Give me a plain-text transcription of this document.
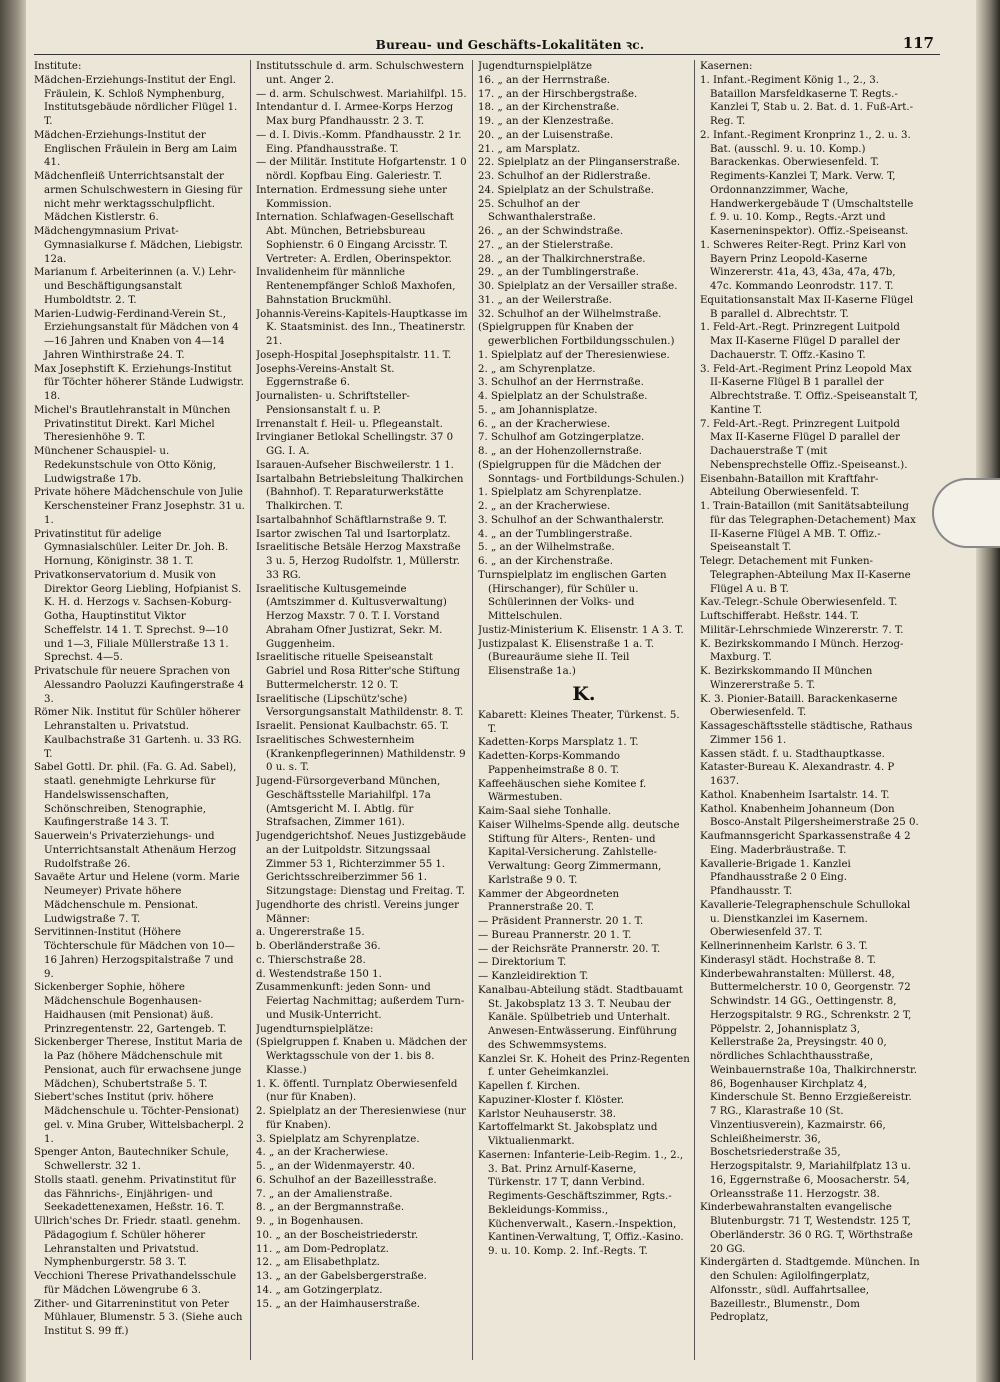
Bureau- und Geschäfts-Lokalitäten ꝛc.	117
Institute:
Mädchen-Erziehungs-Institut der Engl. Fräulein, K. Schloß Nymphenburg, Institutsgebäude nördlicher Flügel 1. T.
Mädchen-Erziehungs-Institut der Englischen Fräulein in Berg am Laim 41.
Mädchenfleiß Unterrichtsanstalt der armen Schulschwestern in Giesing für nicht mehr werktagsschulpflicht. Mädchen Kistlerstr. 6.
Mädchengymnasium Privat-Gymnasialkurse f. Mädchen, Liebigstr. 12a.
Marianum f. Arbeiterinnen (a. V.) Lehr- und Beschäftigungsanstalt Humboldtstr. 2. T.
Marien-Ludwig-Ferdinand-Verein St., Erziehungsanstalt für Mädchen von 4—16 Jahren und Knaben von 4—14 Jahren Winthirstraße 24. T.
Max Josephstift K. Erziehungs-Institut für Töchter höherer Stände Ludwigstr. 18.
Michel's Brautlehranstalt in München Privatinstitut Direkt. Karl Michel Theresienhöhe 9. T.
Münchener Schauspiel- u. Redekunstschule von Otto König, Ludwigstraße 17b.
Private höhere Mädchenschule von Julie Kerschensteiner Franz Josephstr. 31 u. 1.
Privatinstitut für adelige Gymnasialschüler. Leiter Dr. Joh. B. Hornung, Königinstr. 38 1. T.
Privatkonservatorium d. Musik von Direktor Georg Liebling, Hofpianist S. K. H. d. Herzogs v. Sachsen-Koburg-Gotha, Hauptinstitut Viktor Scheffelstr. 14 1. T. Sprechst. 9—10 und 1—3, Filiale Müllerstraße 13 1. Sprechst. 4—5.
Privatschule für neuere Sprachen von Alessandro Paoluzzi Kaufingerstraße 4 3.
Römer Nik. Institut für Schüler höherer Lehranstalten u. Privatstud. Kaulbachstraße 31 Gartenh. u. 33 RG. T.
Sabel Gottl. Dr. phil. (Fa. G. Ad. Sabel), staatl. genehmigte Lehrkurse für Handelswissenschaften, Schönschreiben, Stenographie, Kaufingerstraße 14 3. T.
Sauerwein's Privaterziehungs- und Unterrichtsanstalt Athenäum Herzog Rudolfstraße 26.
Savaëte Artur und Helene (vorm. Marie Neumeyer) Private höhere Mädchenschule m. Pensionat. Ludwigstraße 7. T.
Servitinnen-Institut (Höhere Töchterschule für Mädchen von 10—16 Jahren) Herzogspitalstraße 7 und 9.
Sickenberger Sophie, höhere Mädchenschule Bogenhausen-Haidhausen (mit Pensionat) äuß. Prinzregentenstr. 22, Gartengeb. T.
Sickenberger Therese, Institut Maria de la Paz (höhere Mädchenschule mit Pensionat, auch für erwachsene junge Mädchen), Schubertstraße 5. T.
Siebert'sches Institut (priv. höhere Mädchenschule u. Töchter-Pensionat) gel. v. Mina Gruber, Wittelsbacherpl. 2 1.
Spenger Anton, Bautechniker Schule, Schwellerstr. 32 1.
Stolls staatl. genehm. Privatinstitut für das Fähnrichs-, Einjährigen- und Seekadettenexamen, Heßstr. 16. T.
Ullrich'sches Dr. Friedr. staatl. genehm. Pädagogium f. Schüler höherer Lehranstalten und Privatstud. Nymphenburgerstr. 58 3. T.
Vecchioni Therese Privathandelsschule für Mädchen Löwengrube 6 3.
Zither- und Gitarreninstitut von Peter Mühlauer, Blumenstr. 5 3. (Siehe auch Institut S. 99 ff.)
Institutsschule d. arm. Schulschwestern unt. Anger 2.
— d. arm. Schulschwest. Mariahilfpl. 15.
Intendantur d. I. Armee-Korps Herzog Max burg Pfandhausstr. 2 3. T.
— d. I. Divis.-Komm. Pfandhausstr. 2 1r. Eing. Pfandhausstraße. T.
— der Militär. Institute Hofgartenstr. 1 0 nördl. Kopfbau Eing. Galeriestr. T.
Internation. Erdmessung siehe unter Kommission.
Internation. Schlafwagen-Gesellschaft Abt. München, Betriebsbureau Sophienstr. 6 0 Eingang Arcisstr. T. Vertreter: A. Erdlen, Oberinspektor.
Invalidenheim für männliche Rentenempfänger Schloß Maxhofen, Bahnstation Bruckmühl.
Johannis-Vereins-Kapitels-Hauptkasse im K. Staatsminist. des Inn., Theatinerstr. 21.
Joseph-Hospital Josephspitalstr. 11. T.
Josephs-Vereins-Anstalt St. Eggernstraße 6.
Journalisten- u. Schriftsteller-Pensionsanstalt f. u. P.
Irrenanstalt f. Heil- u. Pflegeanstalt.
Irvingianer Betlokal Schellingstr. 37 0 GG. I. A.
Isarauen-Aufseher Bischweilerstr. 1 1.
Isartalbahn Betriebsleitung Thalkirchen (Bahnhof). T. Reparaturwerkstätte Thalkirchen. T.
Isartalbahnhof Schäftlarnstraße 9. T.
Isartor zwischen Tal und Isartorplatz.
Israelitische Betsäle Herzog Maxstraße 3 u. 5, Herzog Rudolfstr. 1, Müllerstr. 33 RG.
Israelitische Kultusgemeinde (Amtszimmer d. Kultusverwaltung) Herzog Maxstr. 7 0. T. I. Vorstand Abraham Ofner Justizrat, Sekr. M. Guggenheim.
Israelitische rituelle Speiseanstalt Gabriel und Rosa Ritter'sche Stiftung Buttermelcherstr. 12 0. T.
Israelitische (Lipschütz'sche) Versorgungsanstalt Mathildenstr. 8. T.
Israelit. Pensionat Kaulbachstr. 65. T.
Israelitisches Schwesternheim (Krankenpflegerinnen) Mathildenstr. 9 0 u. s. T.
Jugend-Fürsorgeverband München, Geschäftsstelle Mariahilfpl. 17a (Amtsgericht M. I. Abtlg. für Strafsachen, Zimmer 161).
Jugendgerichtshof. Neues Justizgebäude an der Luitpoldstr. Sitzungssaal Zimmer 53 1, Richterzimmer 55 1. Gerichtsschreiberzimmer 56 1. Sitzungstage: Dienstag und Freitag. T.
Jugendhorte des christl. Vereins junger Männer:
a. Ungererstraße 15.
b. Oberländerstraße 36.
c. Thierschstraße 28.
d. Westendstraße 150 1.
Zusammenkunft: jeden Sonn- und Feiertag Nachmittag; außerdem Turn- und Musik-Unterricht.
Jugendturnspielplätze:
(Spielgruppen f. Knaben u. Mädchen der Werktagsschule von der 1. bis 8. Klasse.)
1. K. öffentl. Turnplatz Oberwiesenfeld (nur für Knaben).
2. Spielplatz an der Theresienwiese (nur für Knaben).
3. Spielplatz am Schyrenplatze.
4. „ an der Kracherwiese.
5. „ an der Widenmayerstr. 40.
6. Schulhof an der Bazeillesstraße.
7. „ an der Amalienstraße.
8. „ an der Bergmannstraße.
9. „ in Bogenhausen.
10. „ an der Boscheistriederstr.
11. „ am Dom-Pedroplatz.
12. „ am Elisabethplatz.
13. „ an der Gabelsbergerstraße.
14. „ am Gotzingerplatz.
15. „ an der Haimhauserstraße.
Jugendturnspielplätze
16. „ an der Herrnstraße.
17. „ an der Hirschbergstraße.
18. „ an der Kirchenstraße.
19. „ an der Klenzestraße.
20. „ an der Luisenstraße.
21. „ am Marsplatz.
22. Spielplatz an der Plinganserstraße.
23. Schulhof an der Ridlerstraße.
24. Spielplatz an der Schulstraße.
25. Schulhof an der Schwanthalerstraße.
26. „ an der Schwindstraße.
27. „ an der Stielerstraße.
28. „ an der Thalkirchnerstraße.
29. „ an der Tumblingerstraße.
30. Spielplatz an der Versailler straße.
31. „ an der Weilerstraße.
32. Schulhof an der Wilhelmstraße.
(Spielgruppen für Knaben der gewerblichen Fortbildungsschulen.)
1. Spielplatz auf der Theresienwiese.
2. „ am Schyrenplatze.
3. Schulhof an der Herrnstraße.
4. Spielplatz an der Schulstraße.
5. „ am Johannisplatze.
6. „ an der Kracherwiese.
7. Schulhof am Gotzingerplatze.
8. „ an der Hohenzollernstraße.
(Spielgruppen für die Mädchen der Sonntags- und Fortbildungs-Schulen.)
1. Spielplatz am Schyrenplatze.
2. „ an der Kracherwiese.
3. Schulhof an der Schwanthalerstr.
4. „ an der Tumblingerstraße.
5. „ an der Wilhelmstraße.
6. „ an der Kirchenstraße.
Turnspielplatz im englischen Garten (Hirschanger), für Schüler u. Schülerinnen der Volks- und Mittelschulen.
Justiz-Ministerium K. Elisenstr. 1 A 3. T.
Justizpalast K. Elisenstraße 1 a. T. (Bureauräume siehe II. Teil Elisenstraße 1a.)
K.
Kabarett: Kleines Theater, Türkenst. 5. T.
Kadetten-Korps Marsplatz 1. T.
Kadetten-Korps-Kommando Pappenheimstraße 8 0. T.
Kaffeehäuschen siehe Komitee f. Wärmestuben.
Kaim-Saal siehe Tonhalle.
Kaiser Wilhelms-Spende allg. deutsche Stiftung für Alters-, Renten- und Kapital-Versicherung. Zahlstelle-Verwaltung: Georg Zimmermann, Karlstraße 9 0. T.
Kammer der Abgeordneten Prannerstraße 20. T.
— Präsident Prannerstr. 20 1. T.
— Bureau Prannerstr. 20 1. T.
— der Reichsräte Prannerstr. 20. T.
— Direktorium T.
— Kanzleidirektion T.
Kanalbau-Abteilung städt. Stadtbauamt St. Jakobsplatz 13 3. T. Neubau der Kanäle. Spülbetrieb und Unterhalt. Anwesen-Entwässerung. Einführung des Schwemmsystems.
Kanzlei Sr. K. Hoheit des Prinz-Regenten f. unter Geheimkanzlei.
Kapellen f. Kirchen.
Kapuziner-Kloster f. Klöster.
Karlstor Neuhauserstr. 38.
Kartoffelmarkt St. Jakobsplatz und Viktualienmarkt.
Kasernen: Infanterie-Leib-Regim. 1., 2., 3. Bat. Prinz Arnulf-Kaserne, Türkenstr. 17 T, dann Verbind. Regiments-Geschäftszimmer, Rgts.-Bekleidungs-Kommiss., Küchenverwalt., Kasern.-Inspektion, Kantinen-Verwaltung, T, Offiz.-Kasino. 9. u. 10. Komp. 2. Inf.-Regts. T.
Kasernen:
1. Infant.-Regiment König 1., 2., 3. Bataillon Marsfeldkaserne T. Regts.-Kanzlei T, Stab u. 2. Bat. d. 1. Fuß-Art.-Reg. T.
2. Infant.-Regiment Kronprinz 1., 2. u. 3. Bat. (ausschl. 9. u. 10. Komp.) Barackenkas. Oberwiesenfeld. T. Regiments-Kanzlei T, Mark. Verw. T, Ordonnanzzimmer, Wache, Handwerkergebäude T (Umschaltstelle f. 9. u. 10. Komp., Regts.-Arzt und Kaserneninspektor). Offiz.-Speiseanst.
1. Schweres Reiter-Regt. Prinz Karl von Bayern Prinz Leopold-Kaserne Winzererstr. 41a, 43, 43a, 47a, 47b, 47c. Kommando Leonrodstr. 117. T.
Equitationsanstalt Max II-Kaserne Flügel B parallel d. Albrechtstr. T.
1. Feld-Art.-Regt. Prinzregent Luitpold Max II-Kaserne Flügel D parallel der Dachauerstr. T. Offz.-Kasino T.
3. Feld-Art.-Regiment Prinz Leopold Max II-Kaserne Flügel B 1 parallel der Albrechtstraße. T. Offiz.-Speiseanstalt T, Kantine T.
7. Feld-Art.-Regt. Prinzregent Luitpold Max II-Kaserne Flügel D parallel der Dachauerstraße T (mit Nebensprechstelle Offiz.-Speiseanst.).
Eisenbahn-Bataillon mit Kraftfahr-Abteilung Oberwiesenfeld. T.
1. Train-Bataillon (mit Sanitätsabteilung für das Telegraphen-Detachement) Max II-Kaserne Flügel A MB. T. Offiz.-Speiseanstalt T.
Telegr. Detachement mit Funken-Telegraphen-Abteilung Max II-Kaserne Flügel A u. B T.
Kav.-Telegr.-Schule Oberwiesenfeld. T.
Luftschifferabt. Heßstr. 144. T.
Militär-Lehrschmiede Winzererstr. 7. T.
K. Bezirkskommando I Münch. Herzog-Maxburg. T.
K. Bezirkskommando II München Winzererstraße 5. T.
K. 3. Pionier-Bataill. Barackenkaserne Oberwiesenfeld. T.
Kassageschäftsstelle städtische, Rathaus Zimmer 156 1.
Kassen städt. f. u. Stadthauptkasse.
Kataster-Bureau K. Alexandrastr. 4. P 1637.
Kathol. Knabenheim Isartalstr. 14. T.
Kathol. Knabenheim Johanneum (Don Bosco-Anstalt Pilgersheimerstraße 25 0.
Kaufmannsgericht Sparkassenstraße 4 2 Eing. Maderbräustraße. T.
Kavallerie-Brigade 1. Kanzlei Pfandhausstraße 2 0 Eing. Pfandhausstr. T.
Kavallerie-Telegraphenschule Schullokal u. Dienstkanzlei im Kasernem. Oberwiesenfeld 37. T.
Kellnerinnenheim Karlstr. 6 3. T.
Kinderasyl städt. Hochstraße 8. T.
Kinderbewahranstalten: Müllerst. 48, Buttermelcherstr. 10 0, Georgenstr. 72 Schwindstr. 14 GG., Oettingenstr. 8, Herzogspitalstr. 9 RG., Schrenkstr. 2 T, Pöppelstr. 2, Johannisplatz 3, Kellerstraße 2a, Preysingstr. 40 0, nördliches Schlachthausstraße, Weinbauernstraße 10a, Thalkirchnerstr. 86, Bogenhauser Kirchplatz 4, Kinderschule St. Benno Erzgießereistr. 7 RG., Klarastraße 10 (St. Vinzentiusverein), Kazmairstr. 66, Schleißheimerstr. 36, Boschetsriederstraße 35, Herzogspitalstr. 9, Mariahilfplatz 13 u. 16, Eggernstraße 6, Moosacherstr. 54, Orleansstraße 11. Herzogstr. 38.
Kinderbewahranstalten evangelische Blutenburgstr. 71 T, Westendstr. 125 T, Oberländerstr. 36 0 RG. T, Wörthstraße 20 GG.
Kindergärten d. Stadtgemde. München. In den Schulen: Agilolfingerplatz, Alfonsstr., südl. Auffahrtsallee, Bazeillestr., Blumenstr., Dom Pedroplatz,
